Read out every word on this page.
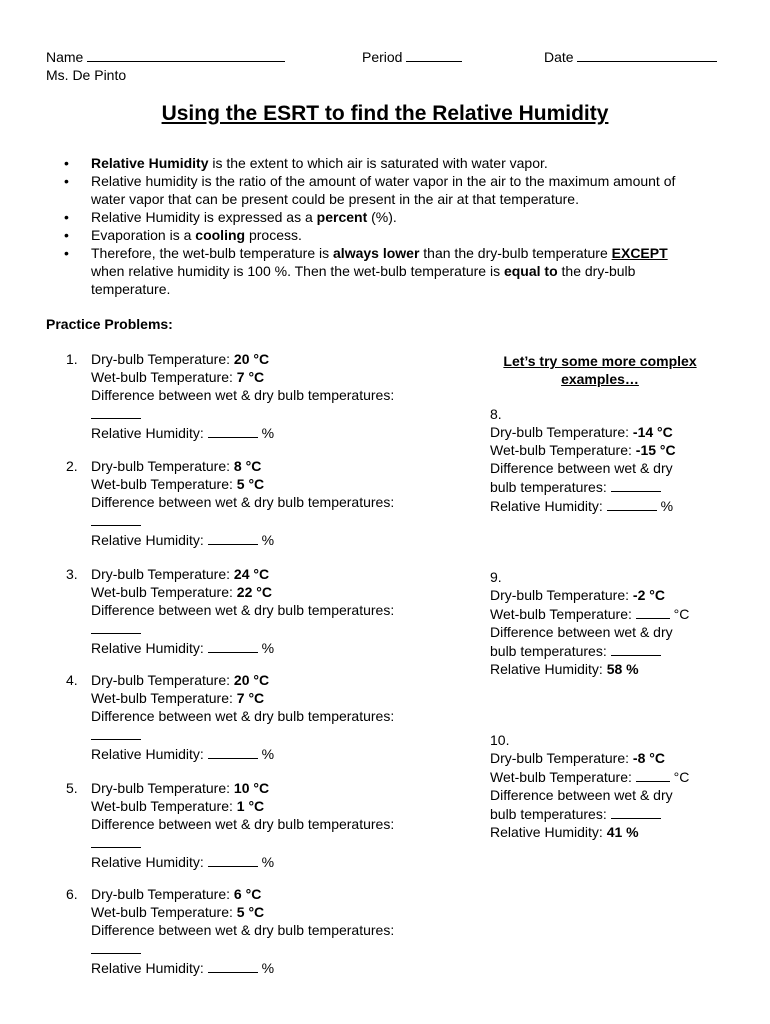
Name	Period	Date
Ms. De Pinto
Using the ESRT to find the Relative Humidity
• Relative Humidity is the extent to which air is saturated with water vapor.
• Relative humidity is the ratio of the amount of water vapor in the air to the maximum amount of
water vapor that can be present could be present in the air at that temperature.
• Relative Humidity is expressed as a percent (%).
• Evaporation is a cooling process.
• Therefore, the wet-bulb temperature is always lower than the dry-bulb temperature EXCEPT
when relative humidity is 100 %. Then the wet-bulb temperature is equal to the dry-bulb
temperature.
Practice Problems:
1. Dry-bulb Temperature: 20 °C
Wet-bulb Temperature: 7 °C
Difference between wet & dry bulb temperatures:
Relative Humidity:	%
2. Dry-bulb Temperature: 8 °C
Wet-bulb Temperature: 5 °C
Difference between wet & dry bulb temperatures:
Relative Humidity:	%
3. Dry-bulb Temperature: 24 °C
Wet-bulb Temperature: 22 °C
Difference between wet & dry bulb temperatures:
Relative Humidity:	%
4. Dry-bulb Temperature: 20 °C
Wet-bulb Temperature: 7 °C
Difference between wet & dry bulb temperatures:
Relative Humidity:	%
5. Dry-bulb Temperature: 10 °C
Wet-bulb Temperature: 1 °C
Difference between wet & dry bulb temperatures:
Relative Humidity:	%
6. Dry-bulb Temperature: 6 °C
Wet-bulb Temperature: 5 °C
Difference between wet & dry bulb temperatures:
Relative Humidity:	%
Let’s try some more complex
examples…
8.
Dry-bulb Temperature: -14 °C
Wet-bulb Temperature: -15 °C
Difference between wet & dry
bulb temperatures:
Relative Humidity:	%
9.
Dry-bulb Temperature: -2 °C
Wet-bulb Temperature:	°C
Difference between wet & dry
bulb temperatures:
Relative Humidity: 58 %
10.
Dry-bulb Temperature: -8 °C
Wet-bulb Temperature:	°C
Difference between wet & dry
bulb temperatures:
Relative Humidity: 41 %
